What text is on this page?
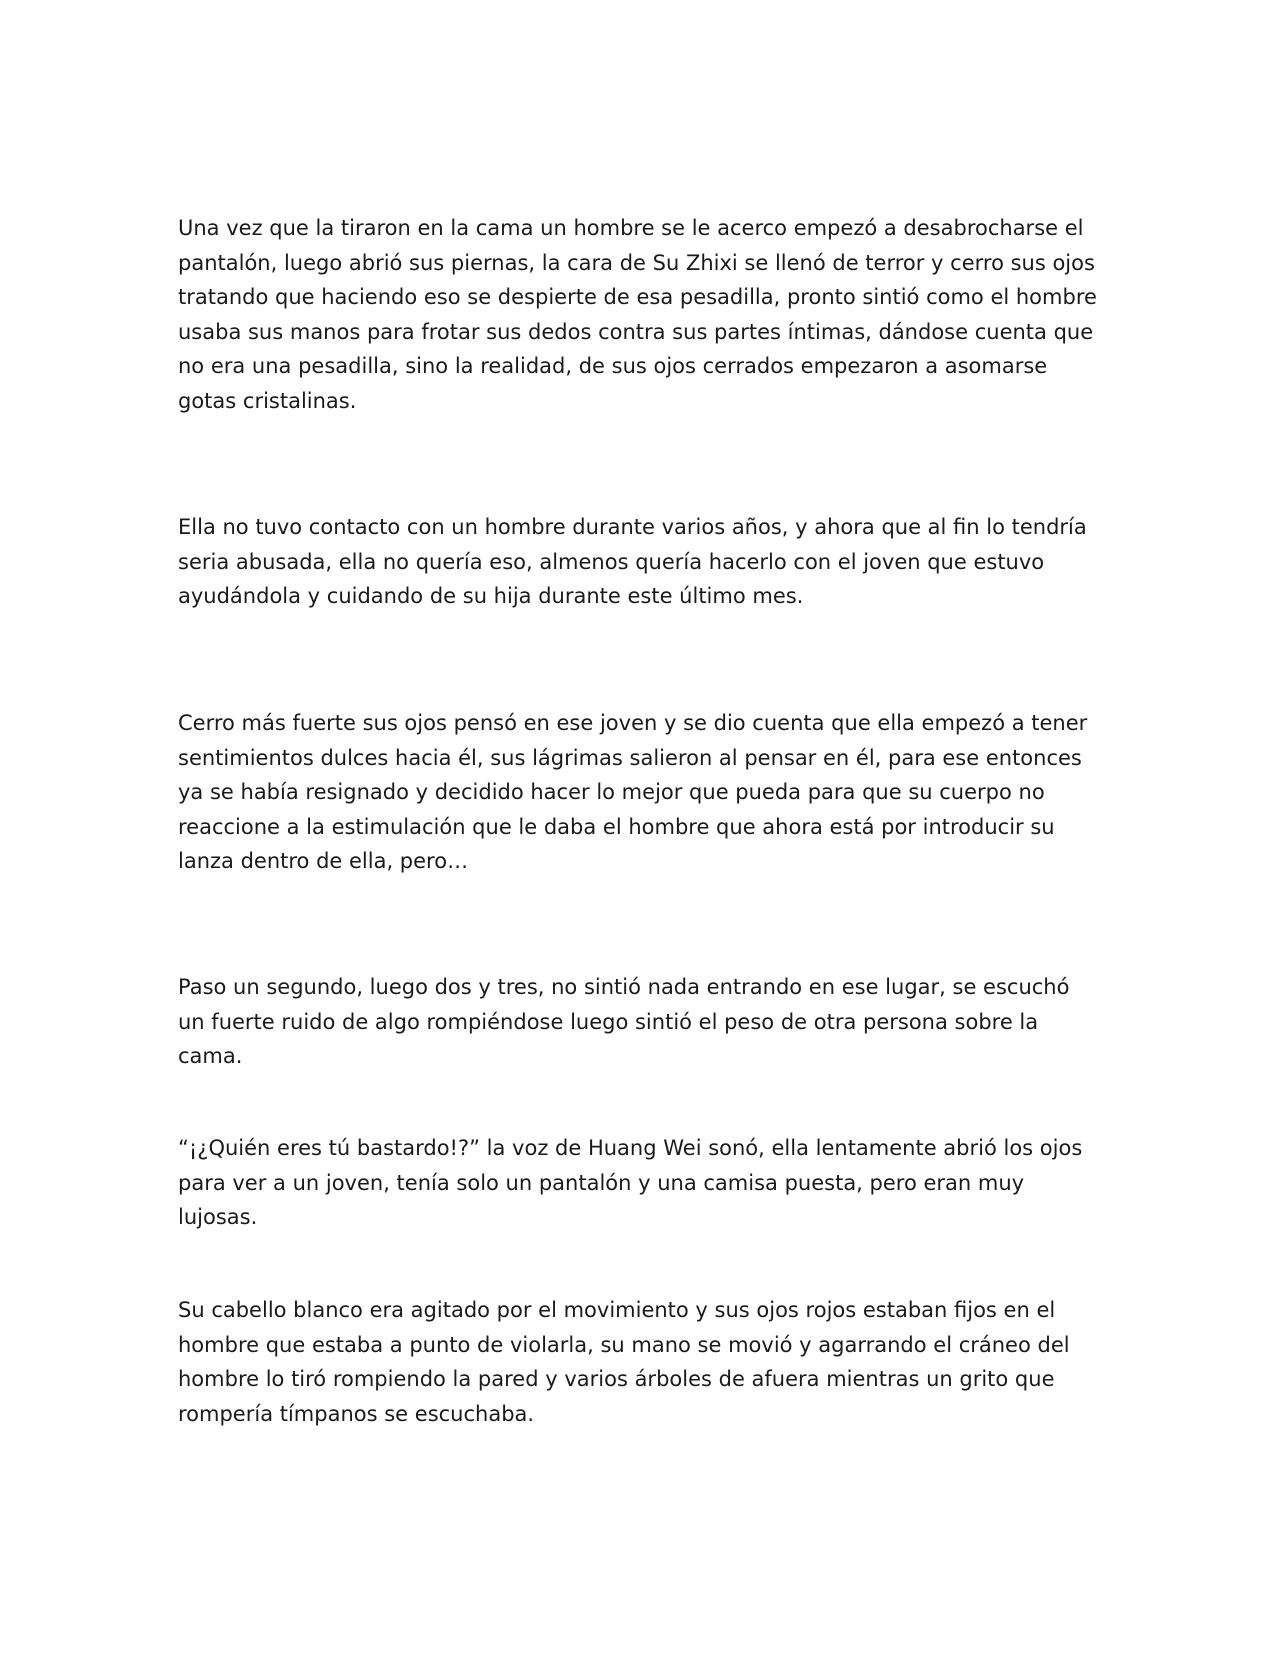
Una vez que la tiraron en la cama un hombre se le acerco empezó a desabrocharse el pantalón, luego abrió sus piernas, la cara de Su Zhixi se llenó de terror y cerro sus ojos tratando que haciendo eso se despierte de esa pesadilla, pronto sintió como el hombre usaba sus manos para frotar sus dedos contra sus partes íntimas, dándose cuenta que no era una pesadilla, sino la realidad, de sus ojos cerrados empezaron a asomarse gotas cristalinas.

Ella no tuvo contacto con un hombre durante varios años, y ahora que al fin lo tendría seria abusada, ella no quería eso, almenos quería hacerlo con el joven que estuvo ayudándola y cuidando de su hija durante este último mes.

Cerro más fuerte sus ojos pensó en ese joven y se dio cuenta que ella empezó a tener sentimientos dulces hacia él, sus lágrimas salieron al pensar en él, para ese entonces ya se había resignado y decidido hacer lo mejor que pueda para que su cuerpo no reaccione a la estimulación que le daba el hombre que ahora está por introducir su lanza dentro de ella, pero…

Paso un segundo, luego dos y tres, no sintió nada entrando en ese lugar, se escuchó un fuerte ruido de algo rompiéndose luego sintió el peso de otra persona sobre la cama.

“¡¿Quién eres tú bastardo!?” la voz de Huang Wei sonó, ella lentamente abrió los ojos para ver a un joven, tenía solo un pantalón y una camisa puesta, pero eran muy lujosas.

Su cabello blanco era agitado por el movimiento y sus ojos rojos estaban fijos en el hombre que estaba a punto de violarla, su mano se movió y agarrando el cráneo del hombre lo tiró rompiendo la pared y varios árboles de afuera mientras un grito que rompería tímpanos se escuchaba.
